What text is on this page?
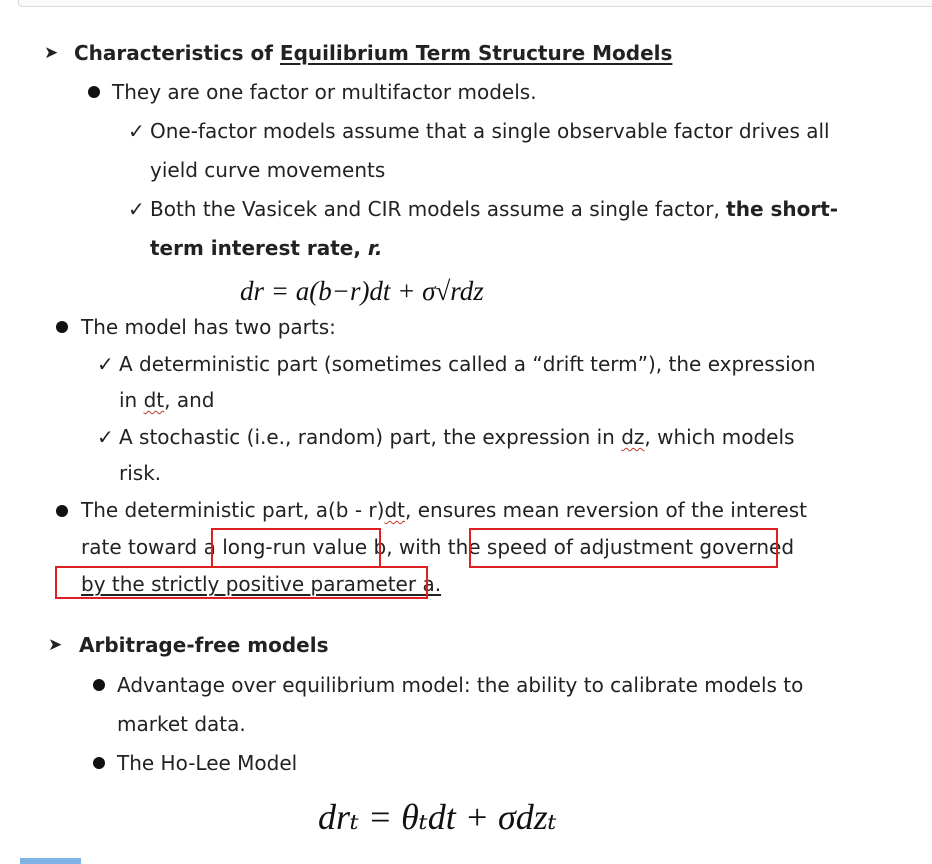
➤ Characteristics of Equilibrium Term Structure Models
They are one factor or multifactor models.
✓ One-factor models assume that a single observable factor drives all
yield curve movements
✓ Both the Vasicek and CIR models assume a single factor, the short-
term interest rate, r.
dr = a(b−r)dt + σ√rdz
The model has two parts:
✓ A deterministic part (sometimes called a “drift term”), the expression
in dt, and
✓ A stochastic (i.e., random) part, the expression in dz, which models
risk.
The deterministic part, a(b - r)dt, ensures mean reversion of the interest
rate toward a long-run value b, with the speed of adjustment governed
by the strictly positive parameter a.
➤ Arbitrage-free models
Advantage over equilibrium model: the ability to calibrate models to
market data.
The Ho-Lee Model
drₜ = θₜdt + σdzₜ
